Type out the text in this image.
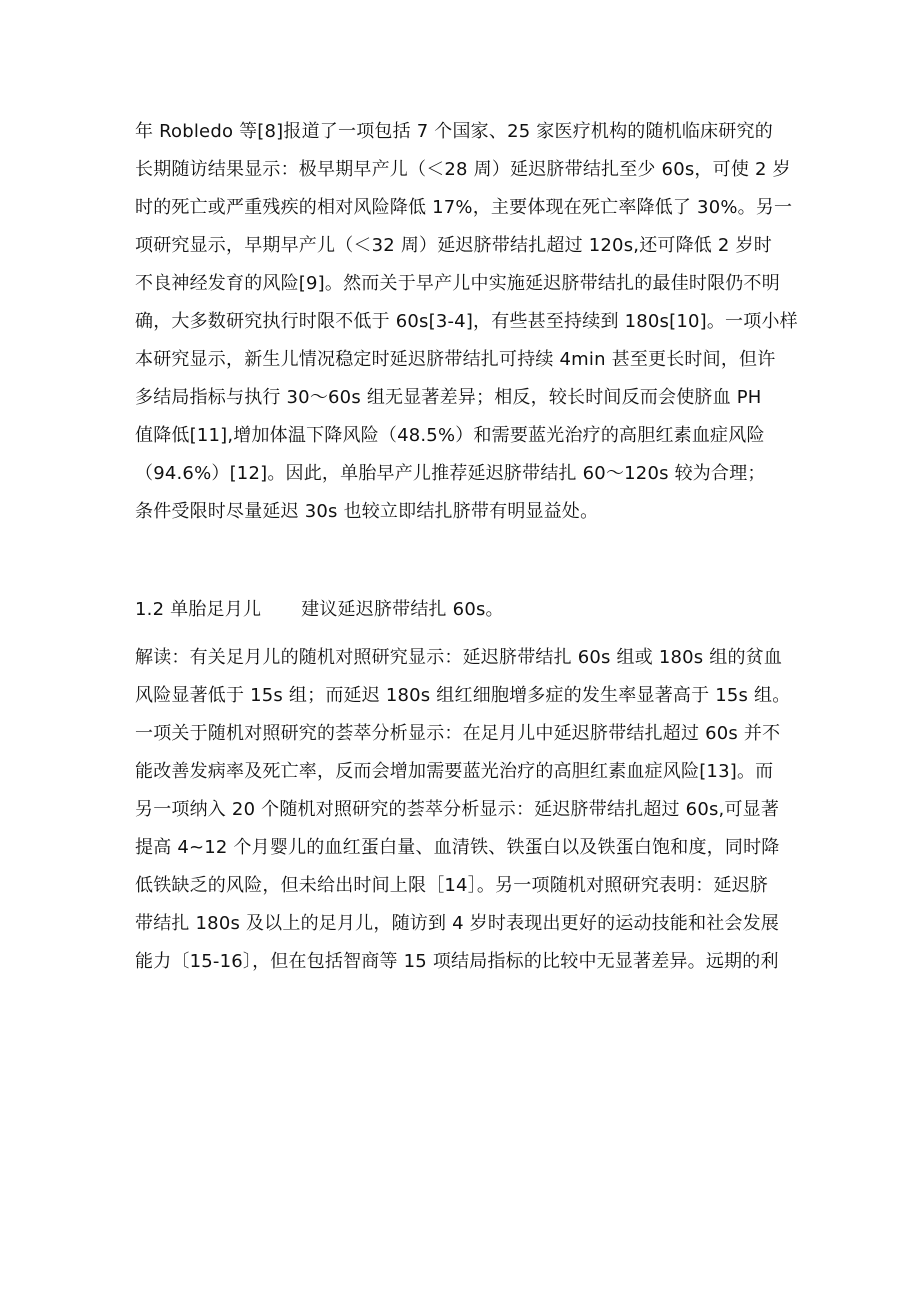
年 Robledo 等[8]报道了一项包括 7 个国家、25 家医疗机构的随机临床研究的
长期随访结果显示：极早期早产儿（＜28 周）延迟脐带结扎至少 60s，可使 2 岁
时的死亡或严重残疾的相对风险降低 17%，主要体现在死亡率降低了 30%。另一
项研究显示，早期早产儿（＜32 周）延迟脐带结扎超过 120s,还可降低 2 岁时
不良神经发育的风险[9]。然而关于早产儿中实施延迟脐带结扎的最佳时限仍不明
确，大多数研究执行时限不低于 60s[3-4]，有些甚至持续到 180s[10]。一项小样
本研究显示，新生儿情况稳定时延迟脐带结扎可持续 4min 甚至更长时间，但许
多结局指标与执行 30～60s 组无显著差异；相反，较长时间反而会使脐血 PH
值降低[11],增加体温下降风险（48.5%）和需要蓝光治疗的高胆红素血症风险
（94.6%）[12]。因此，单胎早产儿推荐延迟脐带结扎 60～120s 较为合理；
条件受限时尽量延迟 30s 也较立即结扎脐带有明显益处。
1.2 单胎足月儿 建议延迟脐带结扎 60s。
解读：有关足月儿的随机对照研究显示：延迟脐带结扎 60s 组或 180s 组的贫血
风险显著低于 15s 组；而延迟 180s 组红细胞增多症的发生率显著高于 15s 组。
一项关于随机对照研究的荟萃分析显示：在足月儿中延迟脐带结扎超过 60s 并不
能改善发病率及死亡率，反而会增加需要蓝光治疗的高胆红素血症风险[13]。而
另一项纳入 20 个随机对照研究的荟萃分析显示：延迟脐带结扎超过 60s,可显著
提高 4~12 个月婴儿的血红蛋白量、血清铁、铁蛋白以及铁蛋白饱和度，同时降
低铁缺乏的风险，但未给出时间上限［14］。另一项随机对照研究表明：延迟脐
带结扎 180s 及以上的足月儿，随访到 4 岁时表现出更好的运动技能和社会发展
能力〔15-16〕，但在包括智商等 15 项结局指标的比较中无显著差异。远期的利
